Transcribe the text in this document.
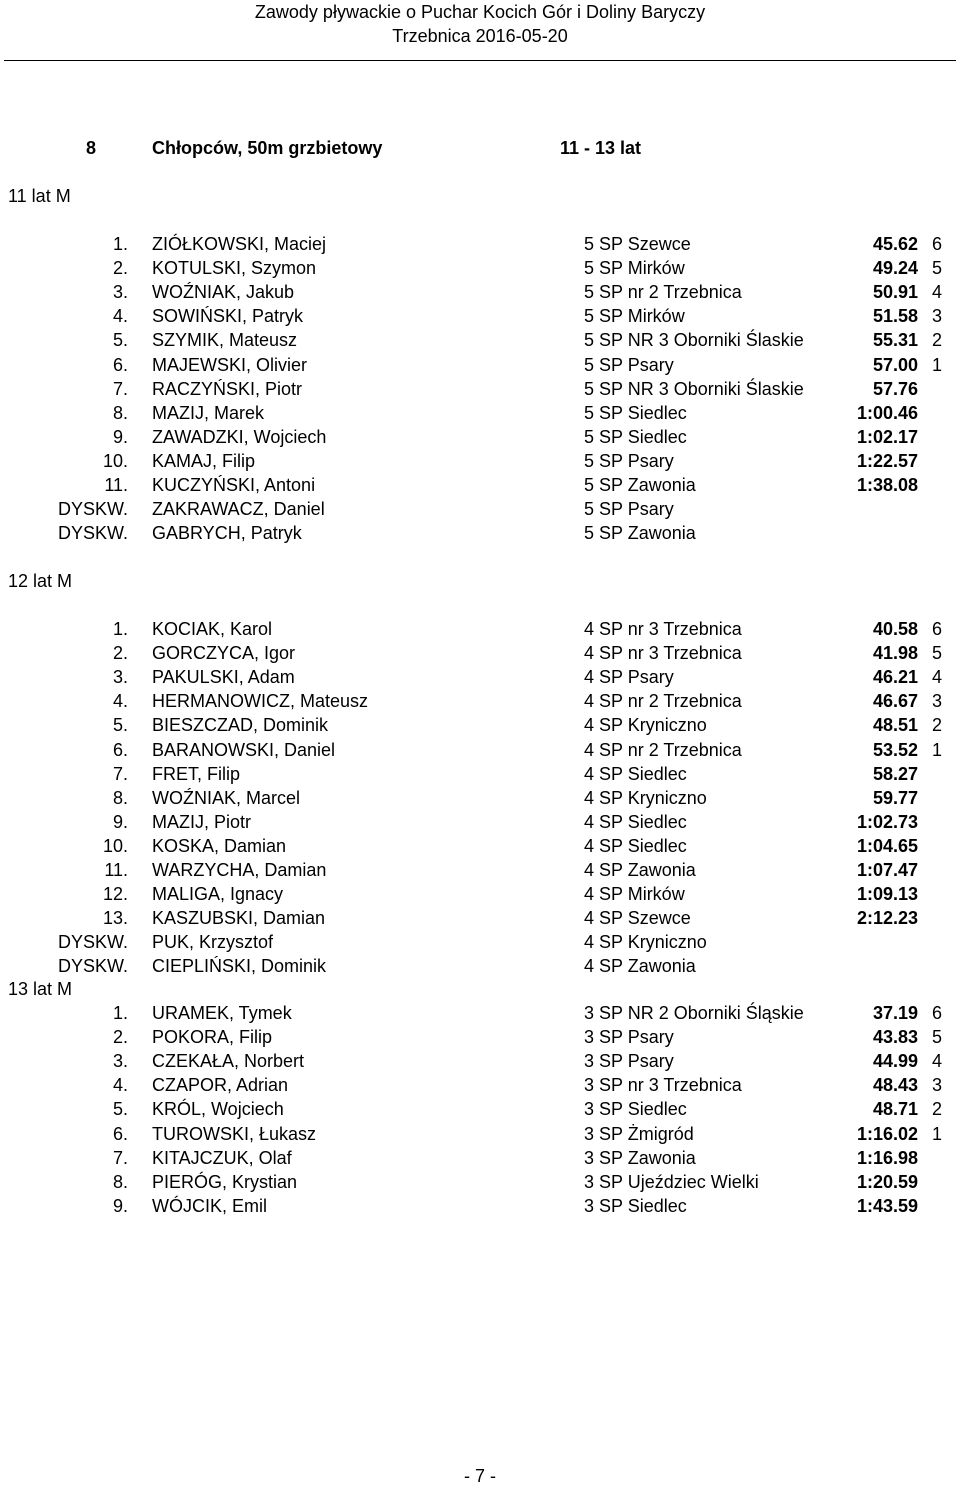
Zawody pływackie o Puchar Kocich Gór i Doliny Baryczy
Trzebnica 2016-05-20
8	Chłopców, 50m grzbietowy	11 - 13 lat
11 lat M
1. ZIÓŁKOWSKI, Maciej	5 SP Szewce	45.62 6
2. KOTULSKI, Szymon	5 SP Mirków	49.24 5
3. WOŹNIAK, Jakub	5 SP nr 2 Trzebnica	50.91 4
4. SOWIŃSKI, Patryk	5 SP Mirków	51.58 3
5. SZYMIK, Mateusz	5 SP NR 3 Oborniki Ślaskie	55.31 2
6. MAJEWSKI, Olivier	5 SP Psary	57.00 1
7. RACZYŃSKI, Piotr	5 SP NR 3 Oborniki Ślaskie	57.76
8. MAZIJ, Marek	5 SP Siedlec	1:00.46
9. ZAWADZKI, Wojciech	5 SP Siedlec	1:02.17
10. KAMAJ, Filip	5 SP Psary	1:22.57
11. KUCZYŃSKI, Antoni	5 SP Zawonia	1:38.08
DYSKW. ZAKRAWACZ, Daniel	5 SP Psary
DYSKW. GABRYCH, Patryk	5 SP Zawonia
12 lat M
1. KOCIAK, Karol	4 SP nr 3 Trzebnica	40.58 6
2. GORCZYCA, Igor	4 SP nr 3 Trzebnica	41.98 5
3. PAKULSKI, Adam	4 SP Psary	46.21 4
4. HERMANOWICZ, Mateusz	4 SP nr 2 Trzebnica	46.67 3
5. BIESZCZAD, Dominik	4 SP Kryniczno	48.51 2
6. BARANOWSKI, Daniel	4 SP nr 2 Trzebnica	53.52 1
7. FRET, Filip	4 SP Siedlec	58.27
8. WOŹNIAK, Marcel	4 SP Kryniczno	59.77
9. MAZIJ, Piotr	4 SP Siedlec	1:02.73
10. KOSKA, Damian	4 SP Siedlec	1:04.65
11. WARZYCHA, Damian	4 SP Zawonia	1:07.47
12. MALIGA, Ignacy	4 SP Mirków	1:09.13
13. KASZUBSKI, Damian	4 SP Szewce	2:12.23
DYSKW. PUK, Krzysztof	4 SP Kryniczno
DYSKW. CIEPLIŃSKI, Dominik	4 SP Zawonia
13 lat M
1. URAMEK, Tymek	3 SP NR 2 Oborniki Śląskie	37.19 6
2. POKORA, Filip	3 SP Psary	43.83 5
3. CZEKAŁA, Norbert	3 SP Psary	44.99 4
4. CZAPOR, Adrian	3 SP nr 3 Trzebnica	48.43 3
5. KRÓL, Wojciech	3 SP Siedlec	48.71 2
6. TUROWSKI, Łukasz	3 SP Żmigród	1:16.02 1
7. KITAJCZUK, Olaf	3 SP Zawonia	1:16.98
8. PIERÓG, Krystian	3 SP Ujeździec Wielki	1:20.59
9. WÓJCIK, Emil	3 SP Siedlec	1:43.59
- 7 -
